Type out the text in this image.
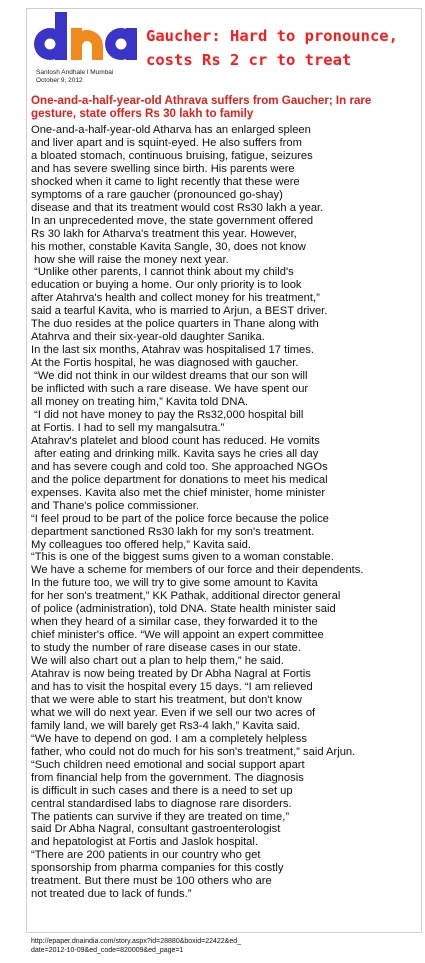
Santosh Andhale l Mumbai
October 9, 2012
Gaucher: Hard to pronounce, costs Rs 2 cr to treat
One-and-a-half-year-old Athrava suffers from Gaucher; In rare gesture, state offers Rs 30 lakh to family
One-and-a-half-year-old Atharva has an enlarged spleen
and liver apart and is squint-eyed. He also suffers from
a bloated stomach, continuous bruising, fatigue, seizures
and has severe swelling since birth. His parents were
shocked when it came to light recently that these were
symptoms of a rare gaucher (pronounced go-shay)
disease and that its treatment would cost Rs30 lakh a year.
In an unprecedented move, the state government offered
Rs 30 lakh for Atharva's treatment this year. However,
his mother, constable Kavita Sangle, 30, does not know
how she will raise the money next year.
“Unlike other parents, I cannot think about my child's
education or buying a home. Our only priority is to look
after Atahrva's health and collect money for his treatment,”
said a tearful Kavita, who is married to Arjun, a BEST driver.
The duo resides at the police quarters in Thane along with
Atahrva and their six-year-old daughter Sanika.
In the last six months, Atahrav was hospitalised 17 times.
At the Fortis hospital, he was diagnosed with gaucher.
“We did not think in our wildest dreams that our son will
be inflicted with such a rare disease. We have spent our
all money on treating him,” Kavita told DNA.
“I did not have money to pay the Rs32,000 hospital bill
at Fortis. I had to sell my mangalsutra.”
Atahrav's platelet and blood count has reduced. He vomits
after eating and drinking milk. Kavita says he cries all day
and has severe cough and cold too. She approached NGOs
and the police department for donations to meet his medical
expenses. Kavita also met the chief minister, home minister
and Thane's police commissioner.
“I feel proud to be part of the police force because the police
department sanctioned Rs30 lakh for my son's treatment.
My colleagues too offered help,” Kavita said.
“This is one of the biggest sums given to a woman constable.
We have a scheme for members of our force and their dependents.
In the future too, we will try to give some amount to Kavita
for her son's treatment,” KK Pathak, additional director general
of police (administration), told DNA. State health minister said
when they heard of a similar case, they forwarded it to the
chief minister's office. “We will appoint an expert committee
to study the number of rare disease cases in our state.
We will also chart out a plan to help them,” he said.
Atahrav is now being treated by Dr Abha Nagral at Fortis
and has to visit the hospital every 15 days. “I am relieved
that we were able to start his treatment, but don't know
what we will do next year. Even if we sell our two acres of
family land, we will barely get Rs3-4 lakh,” Kavita said.
“We have to depend on god. I am a completely helpless
father, who could not do much for his son's treatment,” said Arjun.
“Such children need emotional and social support apart
from financial help from the government. The diagnosis
is difficult in such cases and there is a need to set up
central standardised labs to diagnose rare disorders.
The patients can survive if they are treated on time,”
said Dr Abha Nagral, consultant gastroenterologist
and hepatologist at Fortis and Jaslok hospital.
“There are 200 patients in our country who get
sponsorship from pharma companies for this costly
treatment. But there must be 100 others who are
not treated due to lack of funds.”
http://epaper.dnaindia.com/story.aspx?id=28880&boxid=22422&ed_
date=2012-10-09&ed_code=820009&ed_page=1
